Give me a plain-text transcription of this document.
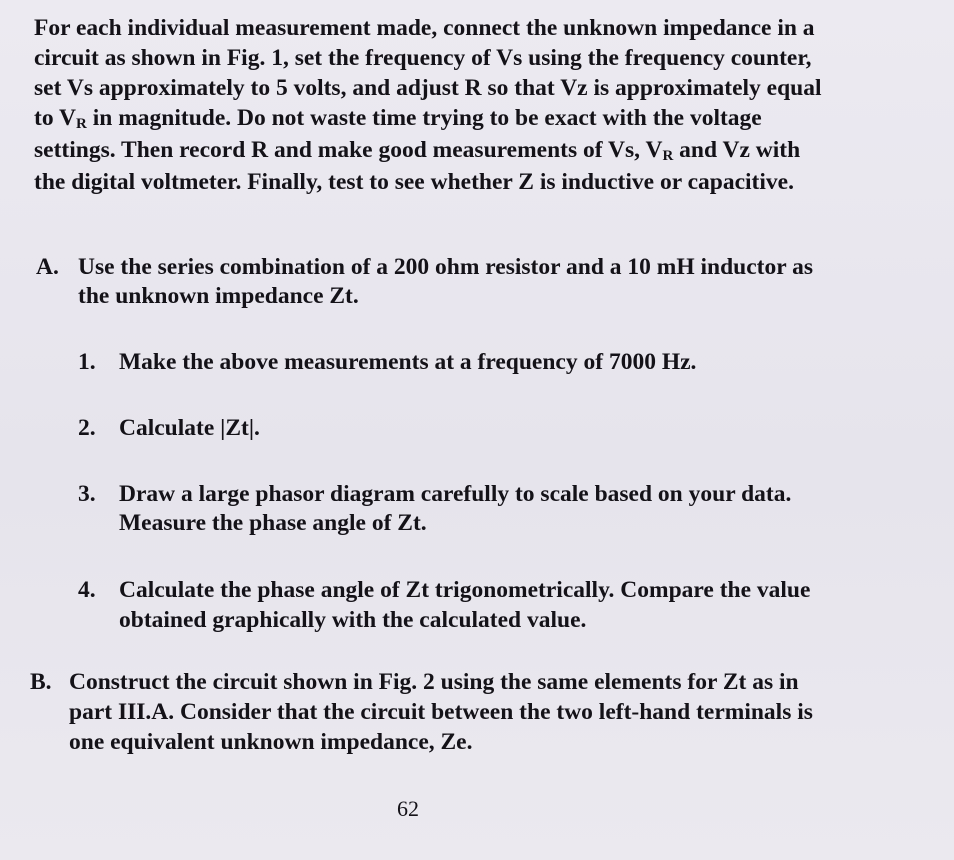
For each individual measurement made, connect the unknown impedance in a
circuit as shown in Fig. 1, set the frequency of Vs using the frequency counter,
set Vs approximately to 5 volts, and adjust R so that Vz is approximately equal
to $V_R$ in magnitude. Do not waste time trying to be exact with the voltage
settings. Then record R and make good measurements of Vs, $V_R$ and Vz with
the digital voltmeter. Finally, test to see whether Z is inductive or capacitive.
A. Use the series combination of a 200 ohm resistor and a 10 mH inductor as
the unknown impedance Zt.
1. Make the above measurements at a frequency of 7000 Hz.
2. Calculate |Zt|.
3. Draw a large phasor diagram carefully to scale based on your data.
Measure the phase angle of Zt.
4. Calculate the phase angle of Zt trigonometrically. Compare the value
obtained graphically with the calculated value.
B. Construct the circuit shown in Fig. 2 using the same elements for Zt as in
part III.A. Consider that the circuit between the two left-hand terminals is
one equivalent unknown impedance, Ze.
62
